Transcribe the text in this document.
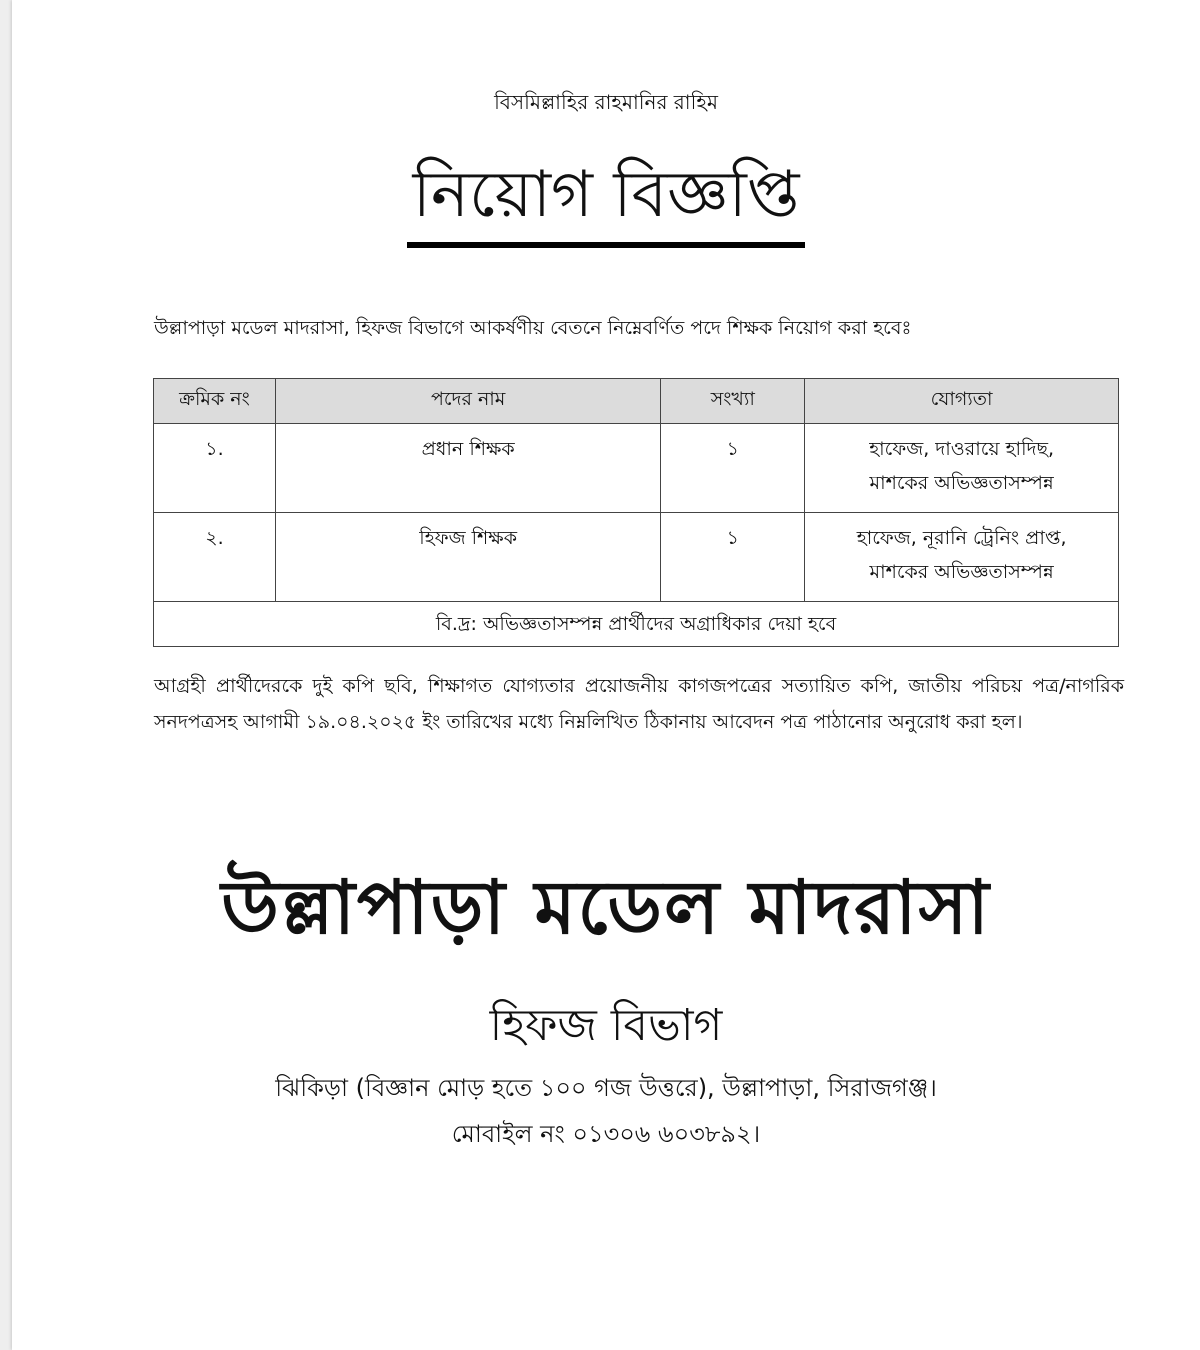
বিসমিল্লাহির রাহমানির রাহিম
নিয়োগ বিজ্ঞপ্তি
উল্লাপাড়া মডেল মাদরাসা, হিফজ বিভাগে আকর্ষণীয় বেতনে নিম্নেবর্ণিত পদে শিক্ষক নিয়োগ করা হবেঃ
ক্রমিক নং	পদের নাম	সংখ্যা	যোগ্যতা
১.	প্রধান শিক্ষক	১	হাফেজ, দাওরায়ে হাদিছ,
মাশকের অভিজ্ঞতাসম্পন্ন

২.	হিফজ শিক্ষক	১	হাফেজ, নূরানি ট্রেনিং প্রাপ্ত,
মাশকের অভিজ্ঞতাসম্পন্ন

বি.দ্র: অভিজ্ঞতাসম্পন্ন প্রার্থীদের অগ্রাধিকার দেয়া হবে			
আগ্রহী প্রার্থীদেরকে দুই কপি ছবি, শিক্ষাগত যোগ্যতার প্রয়োজনীয় কাগজপত্রের সত্যায়িত কপি, জাতীয় পরিচয় পত্র/নাগরিক সনদপত্রসহ আগামী ১৯.০৪.২০২৫ ইং তারিখের মধ্যে নিম্নলিখিত ঠিকানায় আবেদন পত্র পাঠানোর অনুরোধ করা হল।
উল্লাপাড়া মডেল মাদরাসা
হিফজ বিভাগ
ঝিকিড়া (বিজ্ঞান মোড় হতে ১০০ গজ উত্তরে), উল্লাপাড়া, সিরাজগঞ্জ।
মোবাইল নং ০১৩০৬ ৬০৩৮৯২।
